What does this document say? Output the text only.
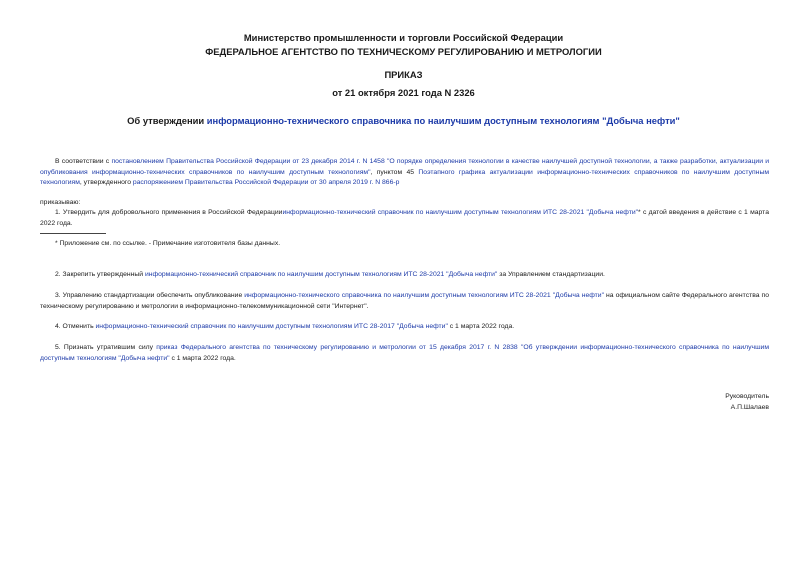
Министерство промышленности и торговли Российской Федерации
ФЕДЕРАЛЬНОЕ АГЕНТСТВО ПО ТЕХНИЧЕСКОМУ РЕГУЛИРОВАНИЮ И МЕТРОЛОГИИ
ПРИКАЗ
от 21 октября 2021 года N 2326
Об утверждении информационно-технического справочника по наилучшим доступным технологиям "Добыча нефти"
В соответствии с постановлением Правительства Российской Федерации от 23 декабря 2014 г. N 1458 "О порядке определения технологии в качестве наилучшей доступной технологии, а также разработки, актуализации и опубликования информационно-технических справочников по наилучшим доступным технологиям", пунктом 45 Поэтапного графика актуализации информационно-технических справочников по наилучшим доступным технологиям, утвержденного распоряжением Правительства Российской Федерации от 30 апреля 2019 г. N 866-р
приказываю:
1. Утвердить для добровольного применения в Российской Федерацииинформационно-технический справочник по наилучшим доступным технологиям ИТС 28-2021 "Добыча нефти"* с датой введения в действие с 1 марта 2022 года.
* Приложение см. по ссылке. - Примечание изготовителя базы данных.
2. Закрепить утвержденный информационно-технический справочник по наилучшим доступным технологиям ИТС 28-2021 "Добыча нефти" за Управлением стандартизации.
3. Управлению стандартизации обеспечить опубликование информационно-технического справочника по наилучшим доступным технологиям ИТС 28-2021 "Добыча нефти" на официальном сайте Федерального агентства по техническому регулированию и метрологии в информационно-телекоммуникационной сети "Интернет".
4. Отменить информационно-технический справочник по наилучшим доступным технологиям ИТС 28-2017 "Добыча нефти" с 1 марта 2022 года.
5. Признать утратившим силу приказ Федерального агентства по техническому регулированию и метрологии от 15 декабря 2017 г. N 2838 "Об утверждении информационно-технического справочника по наилучшим доступным технологиям "Добыча нефти" с 1 марта 2022 года.
Руководитель
А.П.Шалаев
